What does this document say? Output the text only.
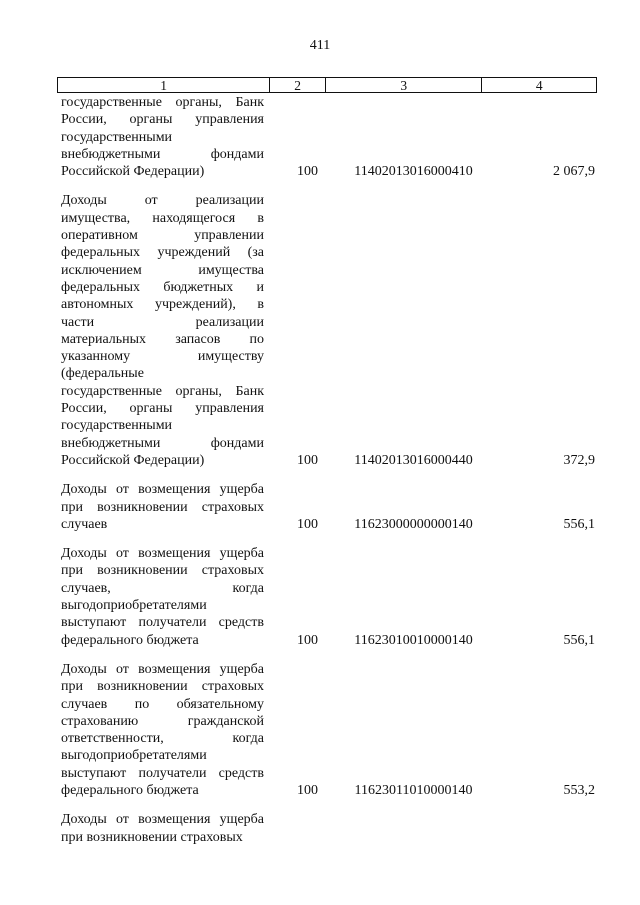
411
1	2	3	4
государственные органы, Банк
России, органы управления
государственными
внебюджетными фондами
Российской Федерации)	100	11402013016000410	2 067,9
Доходы от реализации
имущества, находящегося в
оперативном управлении
федеральных учреждений (за
исключением имущества
федеральных бюджетных и
автономных учреждений), в
части реализации
материальных запасов по
указанному имуществу
(федеральные
государственные органы, Банк
России, органы управления
государственными
внебюджетными фондами
Российской Федерации)	100	11402013016000440	372,9
Доходы от возмещения ущерба
при возникновении страховых
случаев	100	11623000000000140	556,1
Доходы от возмещения ущерба
при возникновении страховых
случаев, когда
выгодоприобретателями
выступают получатели средств
федерального бюджета	100	11623010010000140	556,1
Доходы от возмещения ущерба
при возникновении страховых
случаев по обязательному
страхованию гражданской
ответственности, когда
выгодоприобретателями
выступают получатели средств
федерального бюджета	100	11623011010000140	553,2
Доходы от возмещения ущерба
при возникновении страховых
